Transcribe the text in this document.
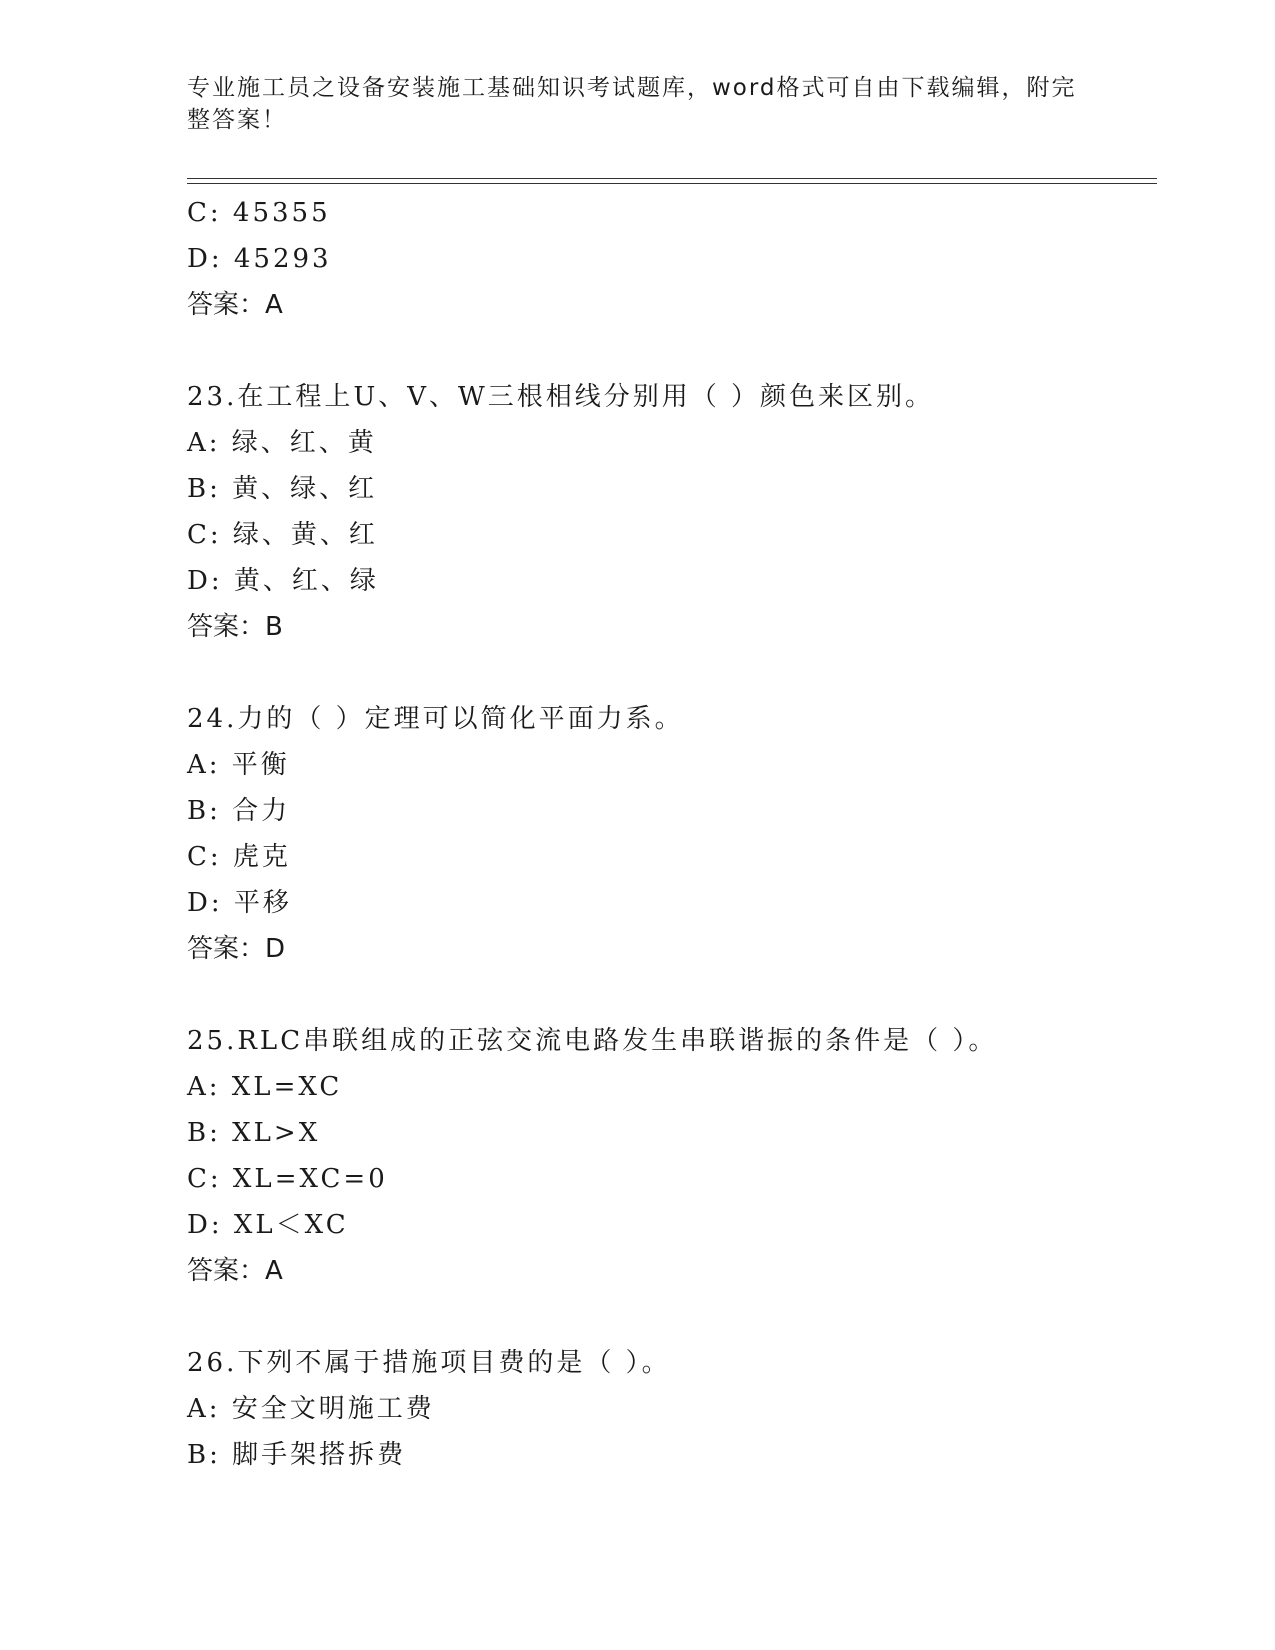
专业施工员之设备安装施工基础知识考试题库，word格式可自由下载编辑，附完
整答案！
C: 45355
D: 45293
答案：A
23.在工程上U、V、W三根相线分别用（ ）颜色来区别。
A: 绿、红、黄
B: 黄、绿、红
C: 绿、黄、红
D: 黄、红、绿
答案：B
24.力的（ ）定理可以简化平面力系。
A: 平衡
B: 合力
C: 虎克
D: 平移
答案：D
25.RLC串联组成的正弦交流电路发生串联谐振的条件是（ ）。
A: XL=XC
B: XL>X
C: XL=XC=0
D: XL＜XC
答案：A
26.下列不属于措施项目费的是（ ）。
A: 安全文明施工费
B: 脚手架搭拆费
